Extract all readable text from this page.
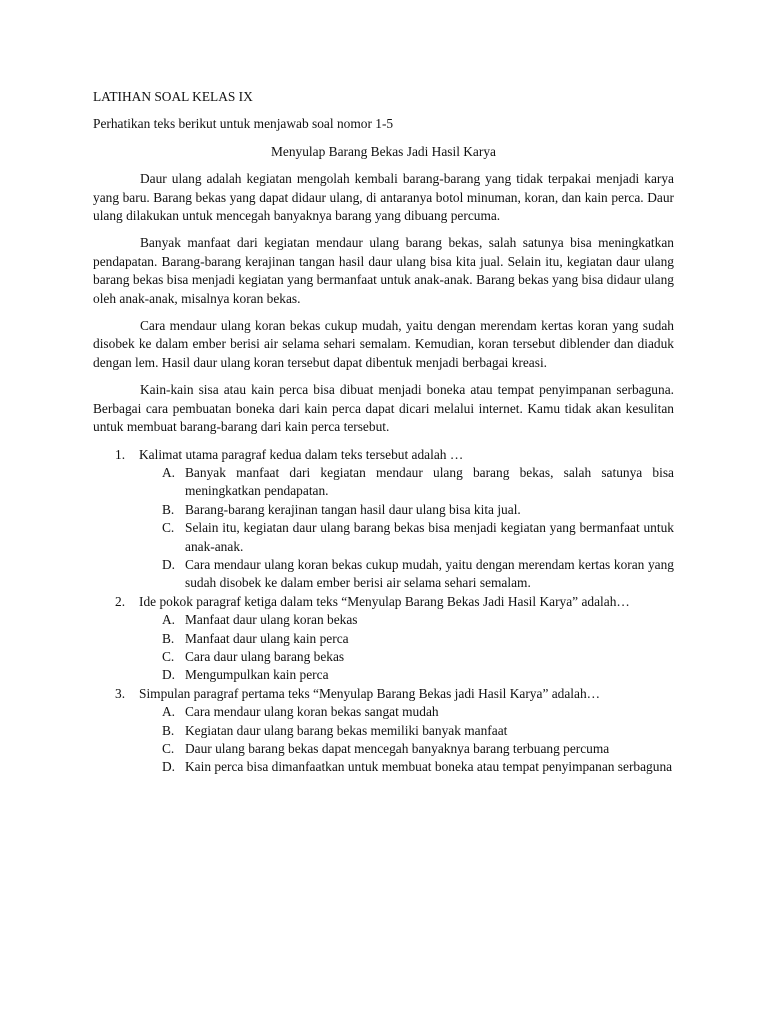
LATIHAN SOAL KELAS IX

Perhatikan teks berikut untuk menjawab soal nomor 1-5

Menyulap Barang Bekas Jadi Hasil Karya

Daur ulang adalah kegiatan mengolah kembali barang-barang yang tidak terpakai menjadi karya yang baru. Barang bekas yang dapat didaur ulang, di antaranya botol minuman, koran, dan kain perca. Daur ulang dilakukan untuk mencegah banyaknya barang yang dibuang percuma.

Banyak manfaat dari kegiatan mendaur ulang barang bekas, salah satunya bisa meningkatkan pendapatan. Barang-barang kerajinan tangan hasil daur ulang bisa kita jual. Selain itu, kegiatan daur ulang barang bekas bisa menjadi kegiatan yang bermanfaat untuk anak-anak. Barang bekas yang bisa didaur ulang oleh anak-anak, misalnya koran bekas.

Cara mendaur ulang koran bekas cukup mudah, yaitu dengan merendam kertas koran yang sudah disobek ke dalam ember berisi air selama sehari semalam. Kemudian, koran tersebut diblender dan diaduk dengan lem. Hasil daur ulang koran tersebut dapat dibentuk menjadi berbagai kreasi.

Kain-kain sisa atau kain perca bisa dibuat menjadi boneka atau tempat penyimpanan serbaguna. Berbagai cara pembuatan boneka dari kain perca dapat dicari melalui internet. Kamu tidak akan kesulitan untuk membuat barang-barang dari kain perca tersebut.

1. Kalimat utama paragraf kedua dalam teks tersebut adalah …
A. Banyak manfaat dari kegiatan mendaur ulang barang bekas, salah satunya bisa meningkatkan pendapatan.
B. Barang-barang kerajinan tangan hasil daur ulang bisa kita jual.
C. Selain itu, kegiatan daur ulang barang bekas bisa menjadi kegiatan yang bermanfaat untuk anak-anak.
D. Cara mendaur ulang koran bekas cukup mudah, yaitu dengan merendam kertas koran yang sudah disobek ke dalam ember berisi air selama sehari semalam.
2. Ide pokok paragraf ketiga dalam teks “Menyulap Barang Bekas Jadi Hasil Karya” adalah…
A. Manfaat daur ulang koran bekas
B. Manfaat daur ulang kain perca
C. Cara daur ulang barang bekas
D. Mengumpulkan kain perca
3. Simpulan paragraf pertama teks “Menyulap Barang Bekas jadi Hasil Karya” adalah…
A. Cara mendaur ulang koran bekas sangat mudah
B. Kegiatan daur ulang barang bekas memiliki banyak manfaat
C. Daur ulang barang bekas dapat mencegah banyaknya barang terbuang percuma
D. Kain perca bisa dimanfaatkan untuk membuat boneka atau tempat penyimpanan serbaguna
